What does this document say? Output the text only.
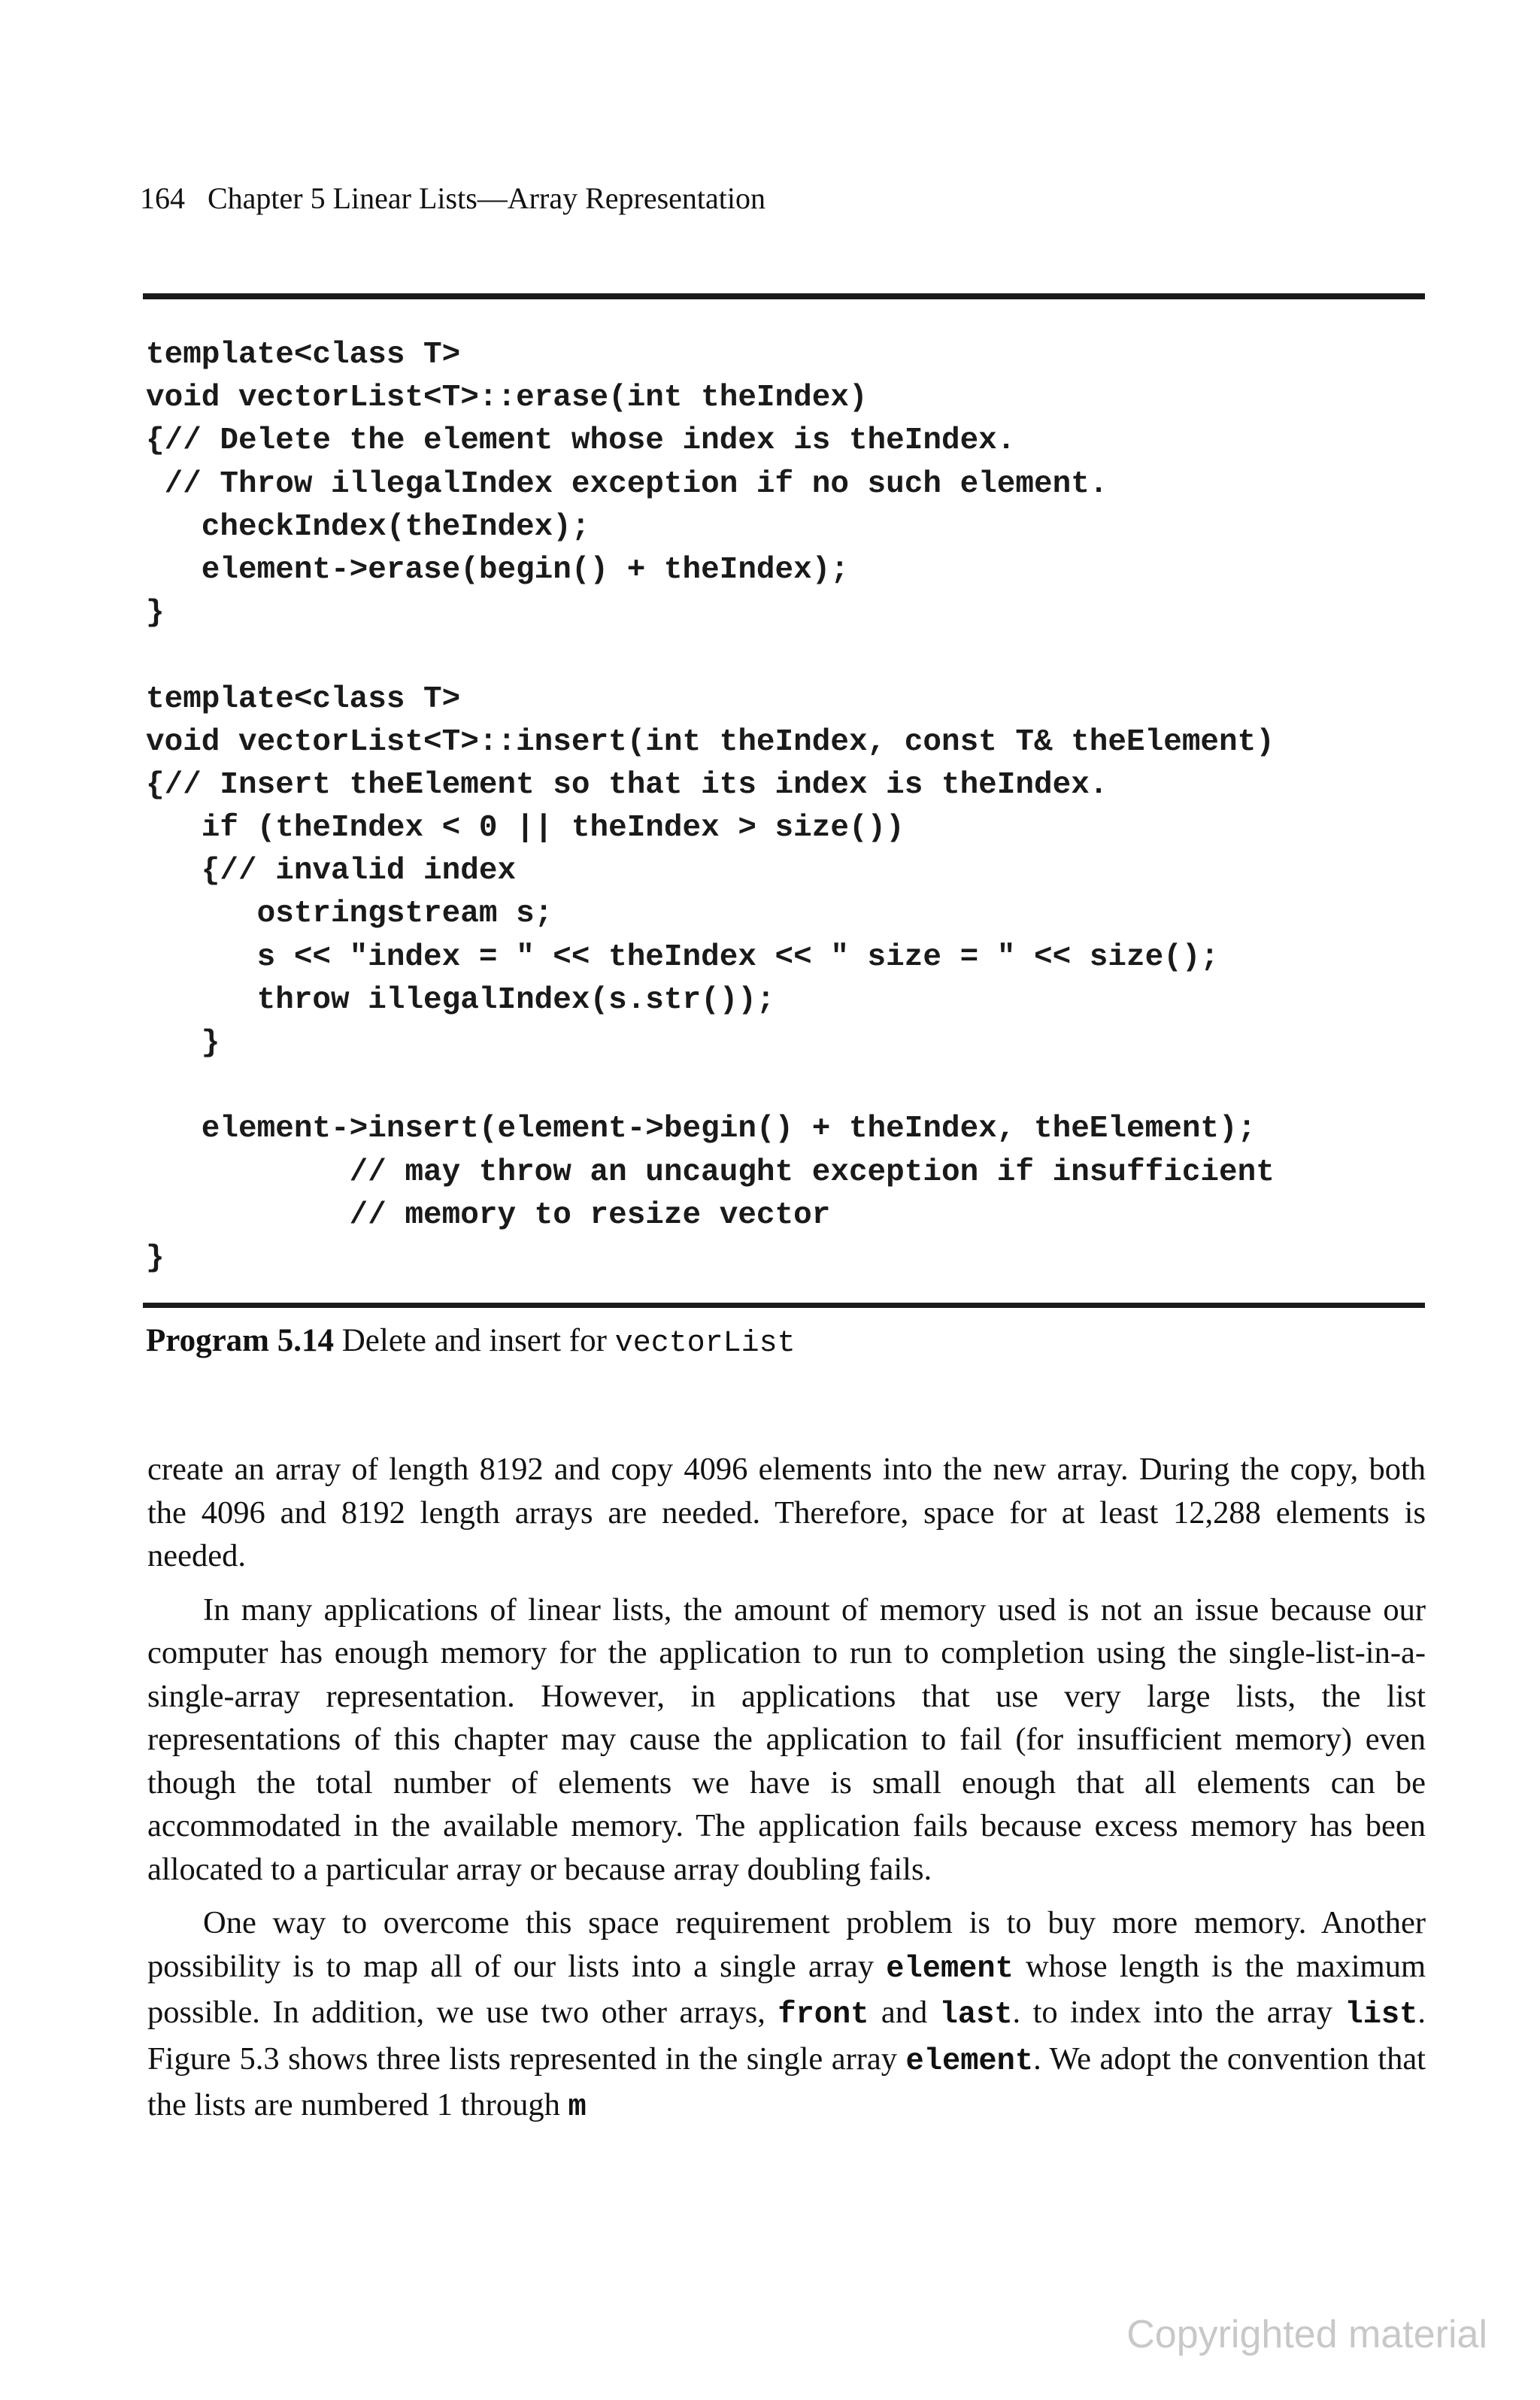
164 Chapter 5 Linear Lists—Array Representation
template<class T>
void vectorList<T>::erase(int theIndex)
{// Delete the element whose index is theIndex.
// Throw illegalIndex exception if no such element.
checkIndex(theIndex);
element->erase(begin() + theIndex);
}
template<class T>
void vectorList<T>::insert(int theIndex, const T& theElement)
{// Insert theElement so that its index is theIndex.
if (theIndex < 0 || theIndex > size())
{// invalid index
ostringstream s;
s << "index = " << theIndex << " size = " << size();
throw illegalIndex(s.str());
}
element->insert(element->begin() + theIndex, theElement);
// may throw an uncaught exception if insufficient
// memory to resize vector
}
Program 5.14 Delete and insert for vectorList

create an array of length 8192 and copy 4096 elements into the new array. During the copy, both the 4096 and 8192 length arrays are needed. Therefore, space for at least 12,288 elements is needed.

In many applications of linear lists, the amount of memory used is not an issue because our computer has enough memory for the application to run to completion using the single-list-in-a-single-array representation. However, in applications that use very large lists, the list representations of this chapter may cause the application to fail (for insufficient memory) even though the total number of elements we have is small enough that all elements can be accommodated in the available memory. The application fails because excess memory has been allocated to a particular array or because array doubling fails.

One way to overcome this space requirement problem is to buy more memory. Another possibility is to map all of our lists into a single array element whose length is the maximum possible. In addition, we use two other arrays, front and last. to index into the array list. Figure 5.3 shows three lists represented in the single array element. We adopt the convention that the lists are numbered 1 through m

Copyrighted material
